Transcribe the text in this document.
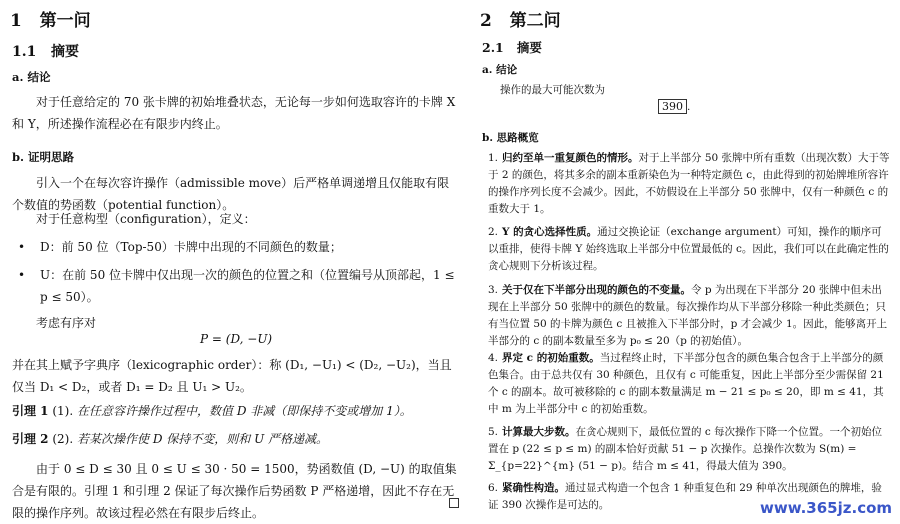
1 第一问
1.1 摘要
a. 结论
对于任意给定的 70 张卡牌的初始堆叠状态，无论每一步如何选取容许的卡牌 X 和 Y，所述操作流程必在有限步内终止。
b. 证明思路
引入一个在每次容许操作（admissible move）后严格单调递增且仅能取有限个数值的势函数（potential function）。
对于任意构型（configuration），定义：
• D：前 50 位（Top-50）卡牌中出现的不同颜色的数量；
• U：在前 50 位卡牌中仅出现一次的颜色的位置之和（位置编号从顶部起，1 ≤ p ≤ 50）。
考虑有序对
P = (D, −U)
并在其上赋予字典序（lexicographic order）：称 (D₁, −U₁) < (D₂, −U₂)，当且仅当 D₁ < D₂，或者 D₁ = D₂ 且 U₁ > U₂。
引理 1 (1). 在任意容许操作过程中，数值 D 非减（即保持不变或增加 1）。
引理 2 (2). 若某次操作使 D 保持不变，则和 U 严格递减。
由于 0 ≤ D ≤ 30 且 0 ≤ U ≤ 30 · 50 = 1500，势函数值 (D, −U) 的取值集合是有限的。引理 1 和引理 2 保证了每次操作后势函数 P 严格递增，因此不存在无限的操作序列。故该过程必然在有限步后终止。
2 第二问
2.1 摘要
a. 结论
操作的最大可能次数为
390 .
b. 思路概览
1. 归约至单一重复颜色的情形。对于上半部分 50 张牌中所有重数（出现次数）大于等于 2 的颜色，将其多余的副本重新染色为一种特定颜色 c，由此得到的初始牌堆所容许的操作序列长度不会减少。因此，不妨假设在上半部分 50 张牌中，仅有一种颜色 c 的重数大于 1。
2. Y 的贪心选择性质。通过交换论证（exchange argument）可知，操作的顺序可以重排，使得卡牌 Y 始终选取上半部分中位置最低的 c。因此，我们可以在此确定性的贪心规则下分析该过程。
3. 关于仅在下半部分出现的颜色的不变量。令 p 为出现在下半部分 20 张牌中但未出现在上半部分 50 张牌中的颜色的数量。每次操作均从下半部分移除一种此类颜色；只有当位置 50 的卡牌为颜色 c 且被推入下半部分时，p 才会减少 1。因此，能够离开上半部分的 c 的副本数量至多为 p₀ ≤ 20（p 的初始值）。
4. 界定 c 的初始重数。当过程终止时，下半部分包含的颜色集合包含于上半部分的颜色集合。由于总共仅有 30 种颜色，且仅有 c 可能重复，因此上半部分至少需保留 21 个 c 的副本。故可被移除的 c 的副本数量满足 m − 21 ≤ p₀ ≤ 20，即 m ≤ 41，其中 m 为上半部分中 c 的初始重数。
5. 计算最大步数。在贪心规则下，最低位置的 c 每次操作下降一个位置。一个初始位置在 p (22 ≤ p ≤ m) 的副本恰好贡献 51 − p 次操作。总操作次数为 S(m) = Σ_{p=22}^{m} (51 − p)。结合 m ≤ 41，得最大值为 390。
6. 紧确性构造。通过显式构造一个包含 1 种重复色和 29 种单次出现颜色的牌堆，验证 390 次操作是可达的。	www.365jz.com
